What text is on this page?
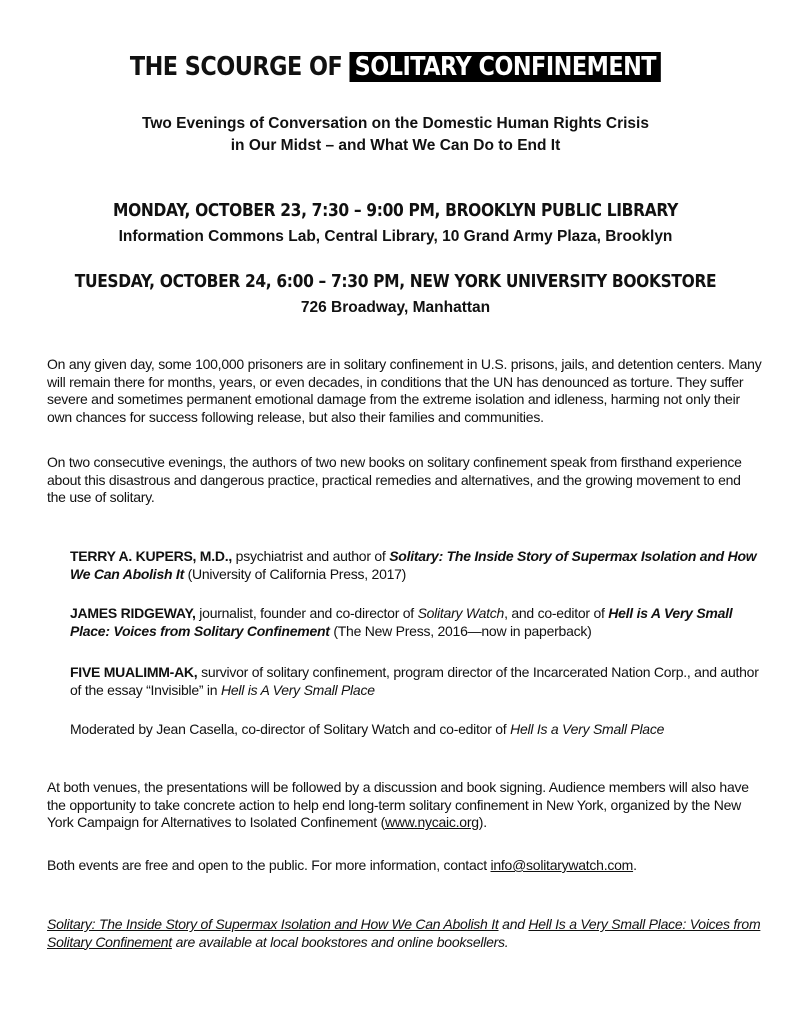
THE SCOURGE OF SOLITARY CONFINEMENT
Two Evenings of Conversation on the Domestic Human Rights Crisis
in Our Midst – and What We Can Do to End It
MONDAY, OCTOBER 23, 7:30 – 9:00 PM, BROOKLYN PUBLIC LIBRARY
Information Commons Lab, Central Library, 10 Grand Army Plaza, Brooklyn
TUESDAY, OCTOBER 24, 6:00 – 7:30 PM, NEW YORK UNIVERSITY BOOKSTORE
726 Broadway, Manhattan
On any given day, some 100,000 prisoners are in solitary confinement in U.S. prisons, jails, and detention centers. Many will remain there for months, years, or even decades, in conditions that the UN has denounced as torture. They suffer severe and sometimes permanent emotional damage from the extreme isolation and idleness, harming not only their own chances for success following release, but also their families and communities.
On two consecutive evenings, the authors of two new books on solitary confinement speak from firsthand experience about this disastrous and dangerous practice, practical remedies and alternatives, and the growing movement to end the use of solitary.
TERRY A. KUPERS, M.D., psychiatrist and author of Solitary: The Inside Story of Supermax Isolation and How We Can Abolish It (University of California Press, 2017)
JAMES RIDGEWAY, journalist, founder and co-director of Solitary Watch, and co-editor of Hell is A Very Small Place: Voices from Solitary Confinement (The New Press, 2016—now in paperback)
FIVE MUALIMM-AK, survivor of solitary confinement, program director of the Incarcerated Nation Corp., and author of the essay “Invisible” in Hell is A Very Small Place
Moderated by Jean Casella, co-director of Solitary Watch and co-editor of Hell Is a Very Small Place
At both venues, the presentations will be followed by a discussion and book signing. Audience members will also have the opportunity to take concrete action to help end long-term solitary confinement in New York, organized by the New York Campaign for Alternatives to Isolated Confinement (www.nycaic.org).
Both events are free and open to the public. For more information, contact info@solitarywatch.com.
Solitary: The Inside Story of Supermax Isolation and How We Can Abolish It and Hell Is a Very Small Place: Voices from Solitary Confinement are available at local bookstores and online booksellers.
